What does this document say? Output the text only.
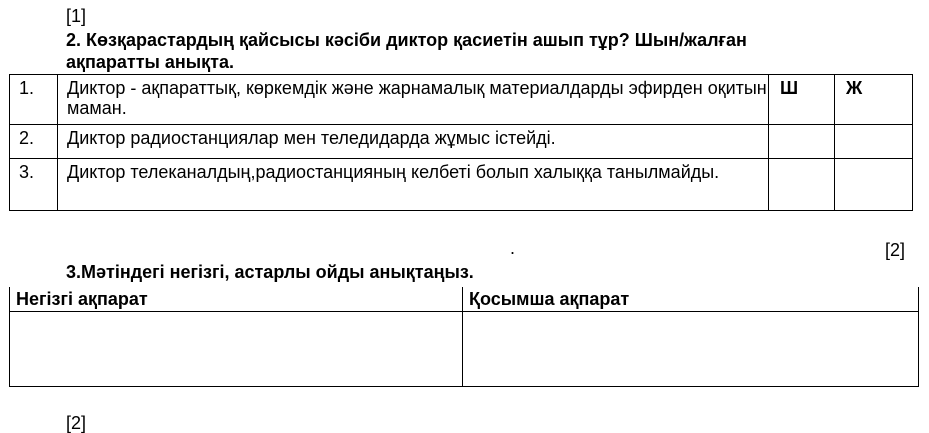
[1]
2. Көзқарастардың қайсысы кәсіби диктор қасиетін ашып тұр? Шын/жалған
ақпаратты анықта.
1.	Диктор - ақпараттық, көркемдік және жарнамалық материалдарды эфирден оқитын маман.	Ш	Ж
2.	Диктор радиостанциялар мен теледидарда жұмыс істейді.		
3.	Диктор телеканалдың,радиостанцияның келбеті болып халыққа танылмайды.		
.	[2]
3.Мәтіндегі негізгі, астарлы ойды анықтаңыз.
Негізгі ақпарат	Қосымша ақпарат

[2]
